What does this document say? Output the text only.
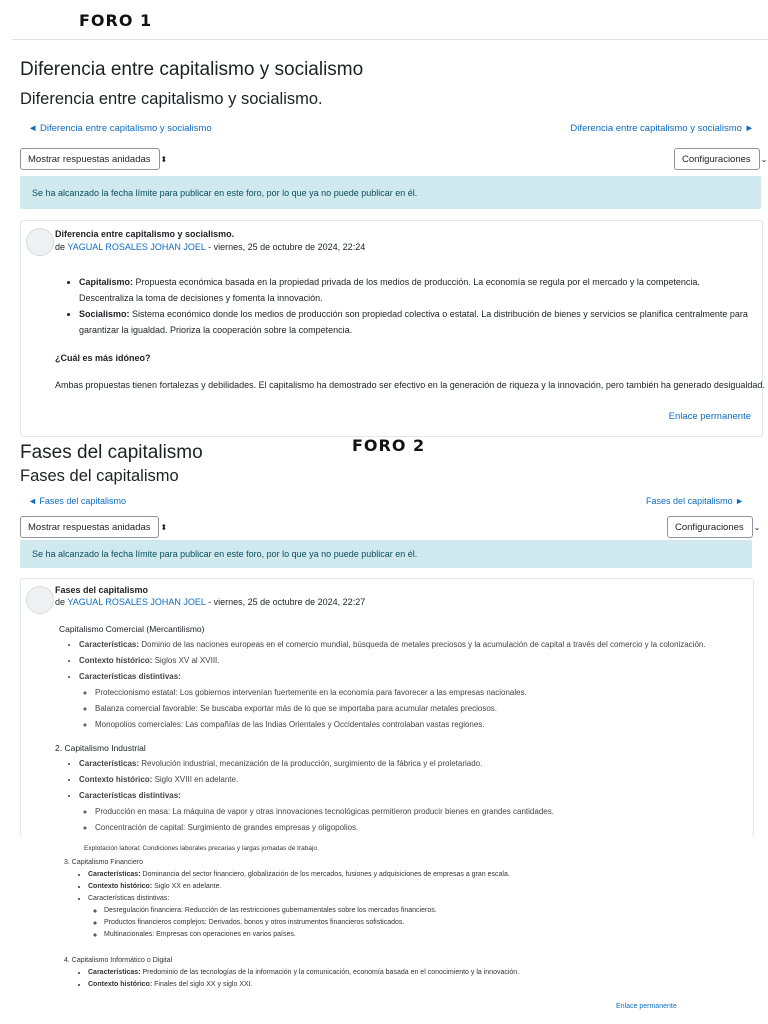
FORO 1
Diferencia entre capitalismo y socialismo
Diferencia entre capitalismo y socialismo.
◄ Diferencia entre capitalismo y socialismo	Diferencia entre capitalismo y socialismo ►
Mostrar respuestas anidadas ⬍	Configuraciones ⌄
Se ha alcanzado la fecha límite para publicar en este foro, por lo que ya no puede publicar en él.
Diferencia entre capitalismo y socialismo.
de YAGUAL ROSALES JOHAN JOEL - viernes, 25 de octubre de 2024, 22:24
• Capitalismo: Propuesta económica basada en la propiedad privada de los medios de producción. La economía se regula por el mercado y la competencia. Descentraliza la toma de decisiones y fomenta la innovación.
• Socialismo: Sistema económico donde los medios de producción son propiedad colectiva o estatal. La distribución de bienes y servicios se planifica centralmente para garantizar la igualdad. Prioriza la cooperación sobre la competencia.
¿Cuál es más idóneo?
Ambas propuestas tienen fortalezas y debilidades. El capitalismo ha demostrado ser efectivo en la generación de riqueza y la innovación, pero también ha generado desigualdad.
Enlace permanente
FORO 2
Fases del capitalismo
Fases del capitalismo
◄ Fases del capitalismo	Fases del capitalismo ►
Mostrar respuestas anidadas ⬍	Configuraciones ⌄
Se ha alcanzado la fecha límite para publicar en este foro, por lo que ya no puede publicar en él.
Fases del capitalismo
de YAGUAL ROSALES JOHAN JOEL - viernes, 25 de octubre de 2024, 22:27
Capitalismo Comercial (Mercantilismo)
• Características: Dominio de las naciones europeas en el comercio mundial, búsqueda de metales preciosos y la acumulación de capital a través del comercio y la colonización.
• Contexto histórico: Siglos XV al XVIII.
• Características distintivas:
◦ Proteccionismo estatal: Los gobiernos intervenían fuertemente en la economía para favorecer a las empresas nacionales.
◦ Balanza comercial favorable: Se buscaba exportar más de lo que se importaba para acumular metales preciosos.
◦ Monopolios comerciales: Las compañías de las Indias Orientales y Occidentales controlaban vastas regiones.
2. Capitalismo Industrial
• Características: Revolución industrial, mecanización de la producción, surgimiento de la fábrica y el proletariado.
• Contexto histórico: Siglo XVIII en adelante.
• Características distintivas:
◦ Producción en masa: La máquina de vapor y otras innovaciones tecnológicas permitieron producir bienes en grandes cantidades.
◦ Concentración de capital: Surgimiento de grandes empresas y oligopolios.
Explotación laboral: Condiciones laborales precarias y largas jornadas de trabajo.
3. Capitalismo Financiero
• Características: Dominancia del sector financiero, globalización de los mercados, fusiones y adquisiciones de empresas a gran escala.
• Contexto histórico: Siglo XX en adelante.
• Características distintivas:
◦ Desregulación financiera: Reducción de las restricciones gubernamentales sobre los mercados financieros.
◦ Productos financieros complejos: Derivados, bonos y otros instrumentos financieros sofisticados.
◦ Multinacionales: Empresas con operaciones en varios países.
4. Capitalismo Informático o Digital
• Características: Predominio de las tecnologías de la información y la comunicación, economía basada en el conocimiento y la innovación.
• Contexto histórico: Finales del siglo XX y siglo XXI.
Enlace permanente
